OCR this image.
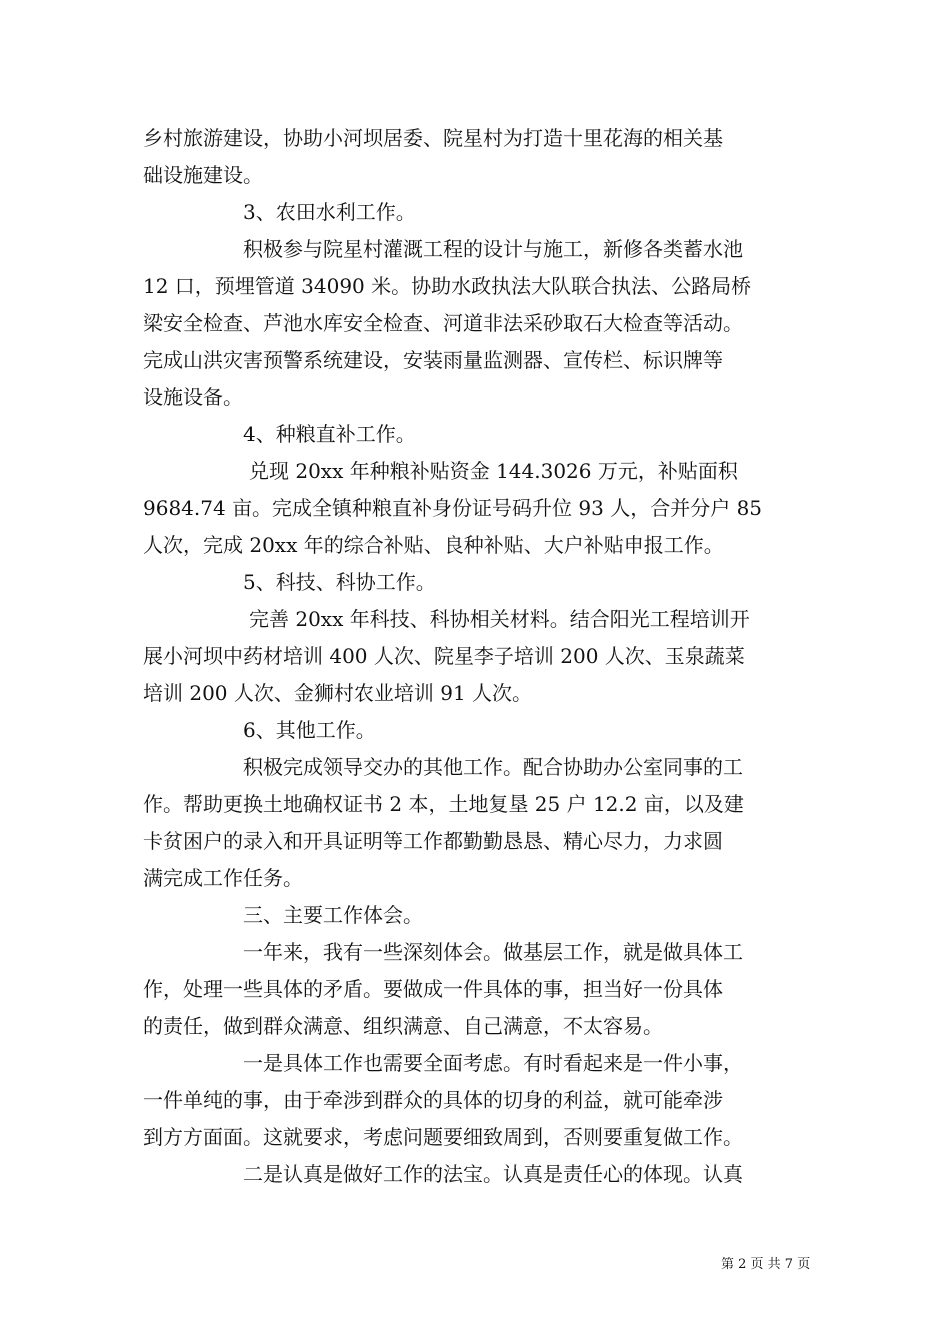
乡村旅游建设，协助小河坝居委、院星村为打造十里花海的相关基
础设施建设。
3、农田水利工作。
积极参与院星村灌溉工程的设计与施工，新修各类蓄水池
12 口，预埋管道 34090 米。协助水政执法大队联合执法、公路局桥
梁安全检查、芦池水库安全检查、河道非法采砂取石大检查等活动。
完成山洪灾害预警系统建设，安装雨量监测器、宣传栏、标识牌等
设施设备。
4、种粮直补工作。
兑现 20xx 年种粮补贴资金 144.3026 万元，补贴面积
9684.74 亩。完成全镇种粮直补身份证号码升位 93 人，合并分户 85
人次，完成 20xx 年的综合补贴、良种补贴、大户补贴申报工作。
5、科技、科协工作。
完善 20xx 年科技、科协相关材料。结合阳光工程培训开
展小河坝中药材培训 400 人次、院星李子培训 200 人次、玉泉蔬菜
培训 200 人次、金狮村农业培训 91 人次。
6、其他工作。
积极完成领导交办的其他工作。配合协助办公室同事的工
作。帮助更换土地确权证书 2 本，土地复垦 25 户 12.2 亩，以及建
卡贫困户的录入和开具证明等工作都勤勤恳恳、精心尽力，力求圆
满完成工作任务。
三、主要工作体会。
一年来，我有一些深刻体会。做基层工作，就是做具体工
作，处理一些具体的矛盾。要做成一件具体的事，担当好一份具体
的责任，做到群众满意、组织满意、自己满意，不太容易。
一是具体工作也需要全面考虑。有时看起来是一件小事，
一件单纯的事，由于牵涉到群众的具体的切身的利益，就可能牵涉
到方方面面。这就要求，考虑问题要细致周到，否则要重复做工作。
二是认真是做好工作的法宝。认真是责任心的体现。认真
第 2 页 共 7 页
